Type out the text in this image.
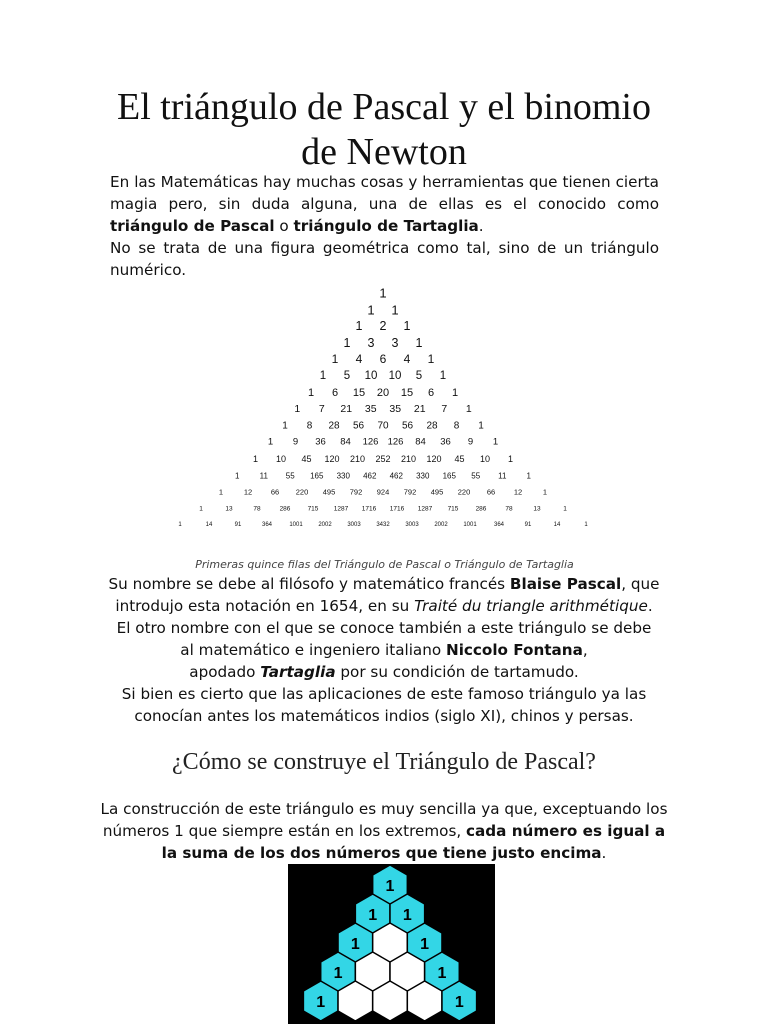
El triángulo de Pascal y el binomio de Newton

En las Matemáticas hay muchas cosas y herramientas que tienen cierta magia pero, sin duda alguna, una de ellas es el conocido como triángulo de Pascal o triángulo de Tartaglia.

No se trata de una figura geométrica como tal, sino de un triángulo numérico.

1
1 1
1 2 1
1 3 3 1
1 4 6 4 1
1 5 10 10 5 1
1 6 15 20 15 6 1
1 7 21 35 35 21 7 1
1 8 28 56 70 56 28 8 1
1 9 36 84 126 126 84 36 9 1
1 10 45 120 210 252 210 120 45 10 1
1	11 55 165 330 462 462 330 165 55 11	1
1	12 66 220 495 792 924 792 495 220 66 12	1
1	13	78	286	715 1287 1716 1716 1287 715	286	78	13	1
1	14	91	364	1001	2002	3003	3432	3003	2002	1001	364	91	14	1
Primeras quince filas del Triángulo de Pascal o Triángulo de Tartaglia

Su nombre se debe al filósofo y matemático francés Blaise Pascal, que

introdujo esta notación en 1654, en su Traité du triangle arithmétique.

El otro nombre con el que se conoce también a este triángulo se debe

al matemático e ingeniero italiano Niccolo Fontana,

apodado Tartaglia por su condición de tartamudo.

Si bien es cierto que las aplicaciones de este famoso triángulo ya las

conocían antes los matemáticos indios (siglo XI), chinos y persas.

¿Cómo se construye el Triángulo de Pascal?
La construcción de este triángulo es muy sencilla ya que, exceptuando los números 1 que siempre están en los extremos, cada número es igual a la suma de los dos números que tiene justo encima.
1
1 1
1	1
1	1
1	1
